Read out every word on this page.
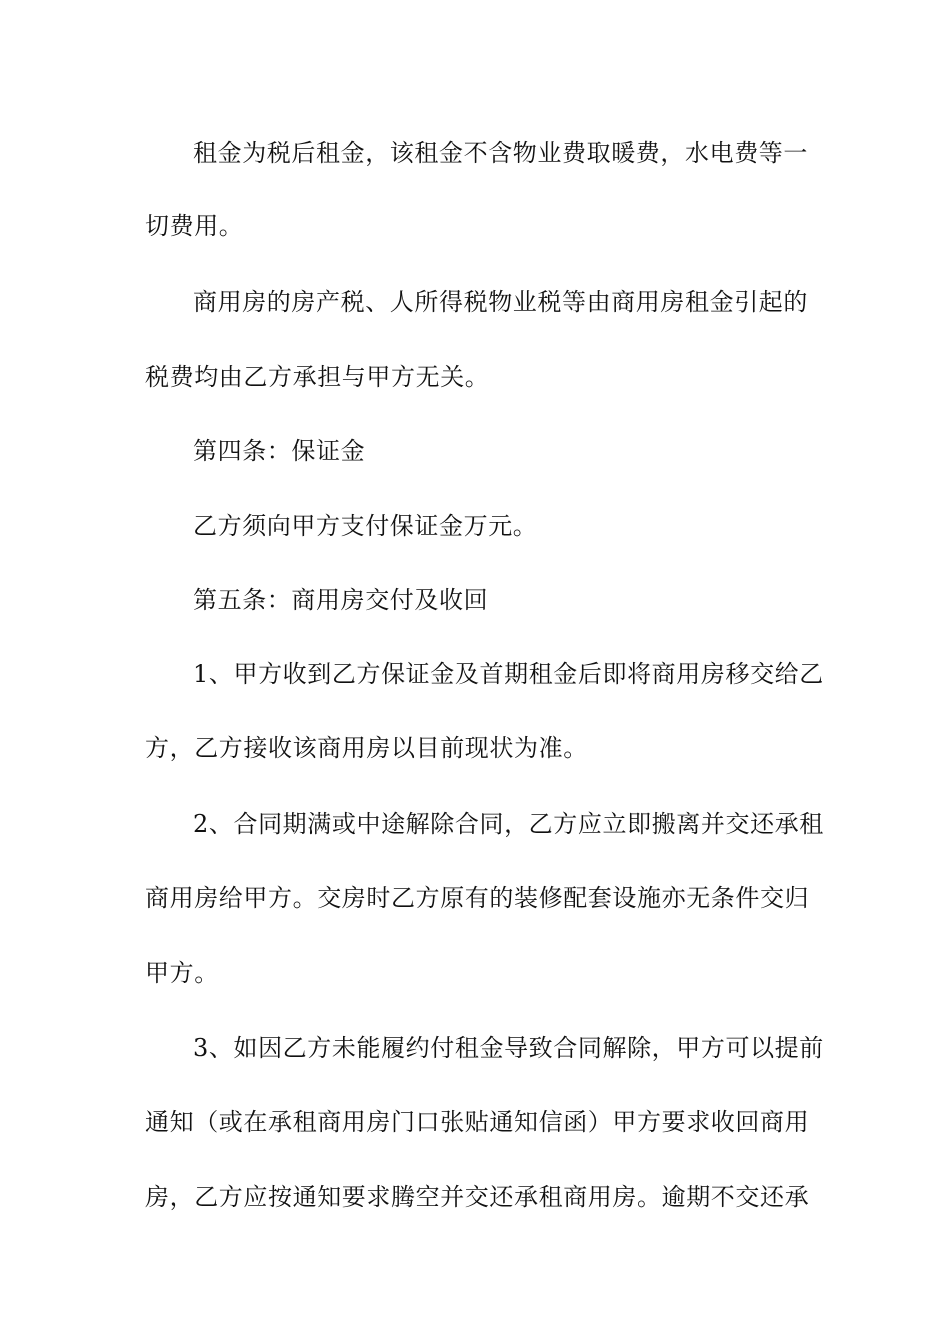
租金为税后租金，该租金不含物业费取暖费，水电费等一
切费用。
商用房的房产税、人所得税物业税等由商用房租金引起的
税费均由乙方承担与甲方无关。
第四条：保证金
乙方须向甲方支付保证金万元。
第五条：商用房交付及收回
1、甲方收到乙方保证金及首期租金后即将商用房移交给乙
方，乙方接收该商用房以目前现状为准。
2、合同期满或中途解除合同，乙方应立即搬离并交还承租
商用房给甲方。交房时乙方原有的装修配套设施亦无条件交归
甲方。
3、如因乙方未能履约付租金导致合同解除，甲方可以提前
通知（或在承租商用房门口张贴通知信函）甲方要求收回商用
房，乙方应按通知要求腾空并交还承租商用房。逾期不交还承
